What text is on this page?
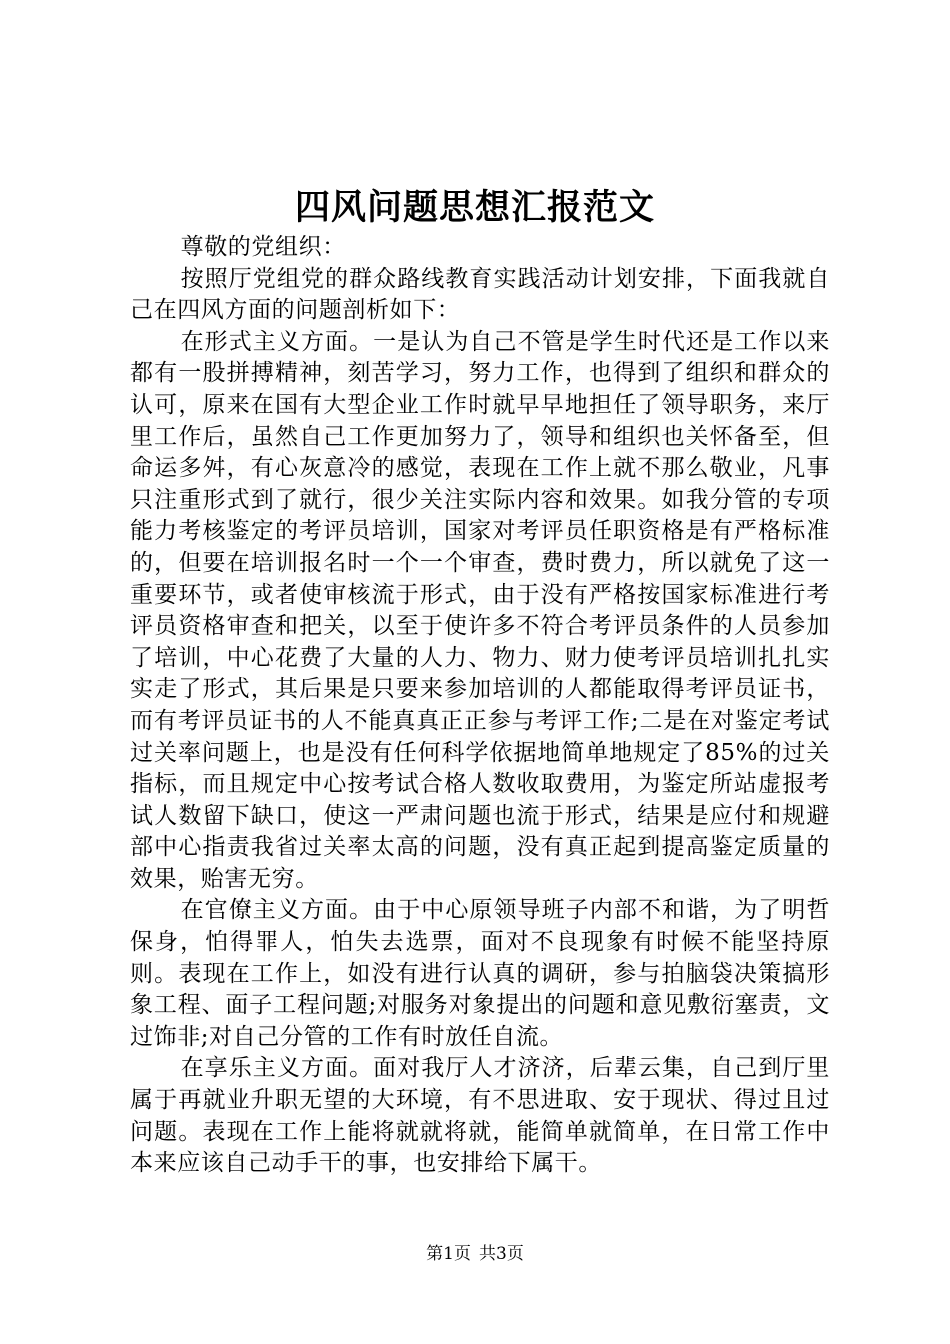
四风问题思想汇报范文

尊敬的党组织：

按照厅党组党的群众路线教育实践活动计划安排，下面我就自己在四风方面的问题剖析如下：

在形式主义方面。一是认为自己不管是学生时代还是工作以来都有一股拼搏精神，刻苦学习，努力工作，也得到了组织和群众的认可，原来在国有大型企业工作时就早早地担任了领导职务，来厅里工作后，虽然自己工作更加努力了，领导和组织也关怀备至，但命运多舛，有心灰意冷的感觉，表现在工作上就不那么敬业，凡事只注重形式到了就行，很少关注实际内容和效果。如我分管的专项能力考核鉴定的考评员培训，国家对考评员任职资格是有严格标准的，但要在培训报名时一个一个审查，费时费力，所以就免了这一重要环节，或者使审核流于形式，由于没有严格按国家标准进行考评员资格审查和把关，以至于使许多不符合考评员条件的人员参加了培训，中心花费了大量的人力、物力、财力使考评员培训扎扎实实走了形式，其后果是只要来参加培训的人都能取得考评员证书，而有考评员证书的人不能真真正正参与考评工作;二是在对鉴定考试过关率问题上，也是没有任何科学依据地简单地规定了85%的过关指标，而且规定中心按考试合格人数收取费用，为鉴定所站虚报考试人数留下缺口，使这一严肃问题也流于形式，结果是应付和规避部中心指责我省过关率太高的问题，没有真正起到提高鉴定质量的效果，贻害无穷。

在官僚主义方面。由于中心原领导班子内部不和谐，为了明哲保身，怕得罪人，怕失去选票，面对不良现象有时候不能坚持原则。表现在工作上，如没有进行认真的调研，参与拍脑袋决策搞形象工程、面子工程问题;对服务对象提出的问题和意见敷衍塞责，文过饰非;对自己分管的工作有时放任自流。

在享乐主义方面。面对我厅人才济济，后辈云集，自己到厅里属于再就业升职无望的大环境，有不思进取、安于现状、得过且过问题。表现在工作上能将就就将就，能简单就简单，在日常工作中本来应该自己动手干的事，也安排给下属干。

第1页 共3页
